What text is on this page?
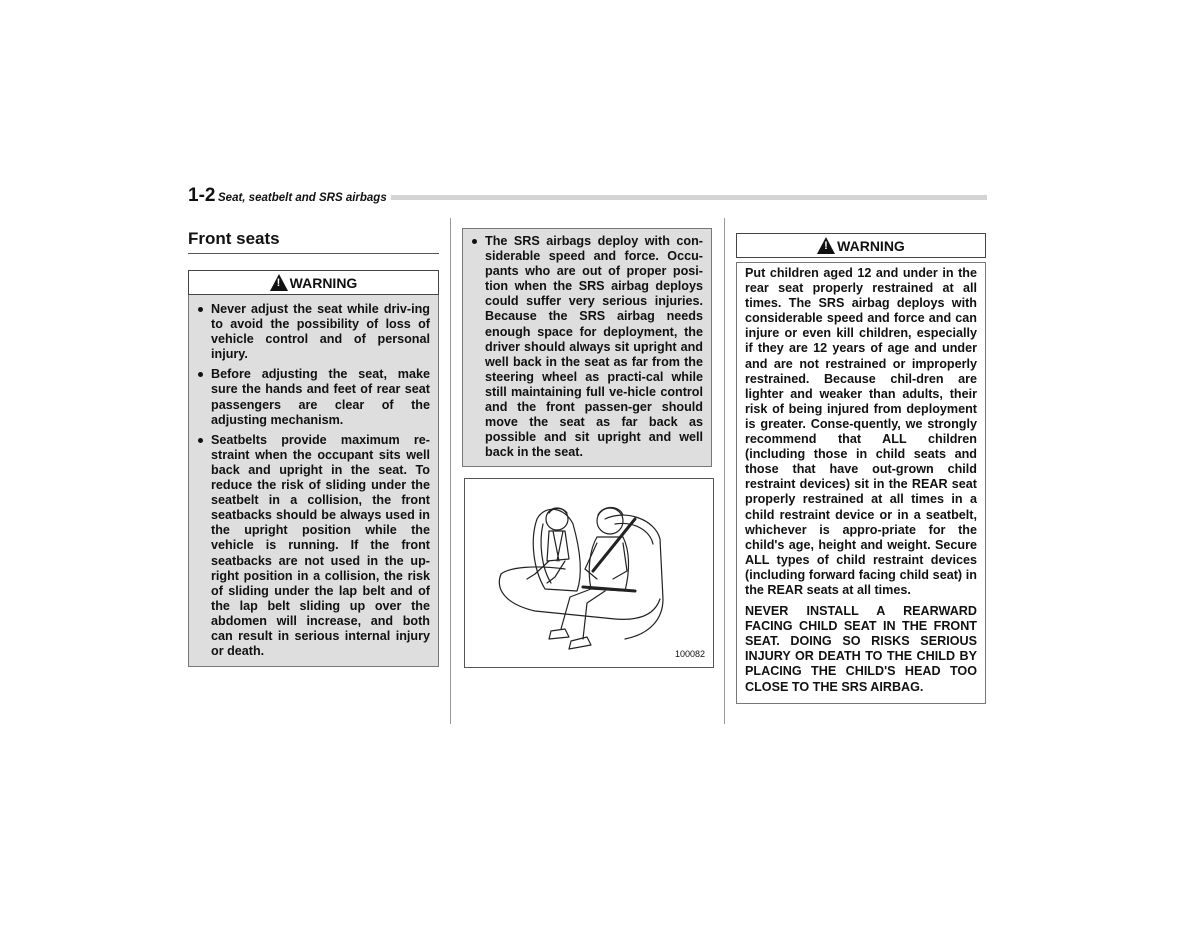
1-2 Seat, seatbelt and SRS airbags
Front seats
!
WARNING
Never adjust the seat while driv-ing to avoid the possibility of loss of vehicle control and of personal injury.
Before adjusting the seat, make sure the hands and feet of rear seat passengers are clear of the adjusting mechanism.
Seatbelts provide maximum re-straint when the occupant sits well back and upright in the seat. To reduce the risk of sliding under the seatbelt in a collision, the front seatbacks should be always used in the upright position while the vehicle is running. If the front seatbacks are not used in the up-right position in a collision, the risk of sliding under the lap belt and of the lap belt sliding up over the abdomen will increase, and both can result in serious internal injury or death.
The SRS airbags deploy with con-siderable speed and force. Occu-pants who are out of proper posi-tion when the SRS airbag deploys could suffer very serious injuries. Because the SRS airbag needs enough space for deployment, the driver should always sit upright and well back in the seat as far from the steering wheel as practi-cal while still maintaining full ve-hicle control and the front passen-ger should move the seat as far back as possible and sit upright and well back in the seat.
100082
!
WARNING

Put children aged 12 and under in the rear seat properly restrained at all times. The SRS airbag deploys with considerable speed and force and can injure or even kill children, especially if they are 12 years of age and under and are not restrained or improperly restrained. Because chil-dren are lighter and weaker than adults, their risk of being injured from deployment is greater. Conse-quently, we strongly recommend that ALL children (including those in child seats and those that have out-grown child restraint devices) sit in the REAR seat properly restrained at all times in a child restraint device or in a seatbelt, whichever is appro-priate for the child's age, height and weight. Secure ALL types of child restraint devices (including forward facing child seat) in the REAR seats at all times.

NEVER INSTALL A REARWARD FACING CHILD SEAT IN THE FRONT SEAT. DOING SO RISKS SERIOUS INJURY OR DEATH TO THE CHILD BY PLACING THE CHILD'S HEAD TOO CLOSE TO THE SRS AIRBAG.
